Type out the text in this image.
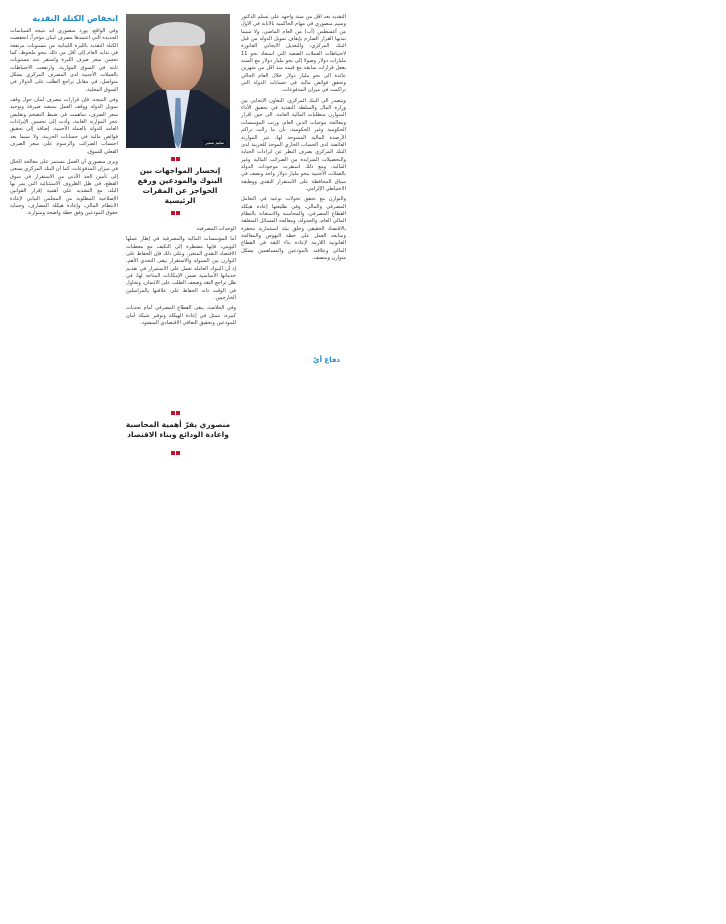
النقدية بعد اقل من سنة واجهة على تسلم الدكتور وسيم منصوري في مهام الحاكمية بالانابة في الاول من آغسطس (آب) من العام الماضي، ولا سيما تبديها القرار الصارم بإيقاف تمويل الدولة من قبل البنك المركزي، والتعديل الايجابي الفاتورة لاحتياطات العملات الصعبة التي استعاد نحو 11 مليارات دولار وصولا إلى نحو مليار دولار مع السنة بفعل قرارات سابقة مع قيمة منذ اقل من شهرين عائدة الى نحو مليار دولار خلال العام الحالي وتحقق فوائض مالية في حسابات الدولة التي تراكمت في ميزان المدفوعات.

ويتصدر الى البنك المركزي، التعاون الايجابي بين وزارة المال والسلطة النقدية في تحقيق الأداء المتوازن متطلبات المالية العامة، الى حين اقرار ومعالجة موجبات الدين العام، ورتب المؤسسات الحكومية وغير الحكومية، بأن ما زالت تراكم الأرصدة المالية الممنوحة لها، عبر الموازنة الفائضة لدى الحساب الجاري الموحد للخزينة لدى البنك المركزي بصرف النظر عن ايرادات الجباية والتحصيلات المتزايدة من الضرائب المالية وغير المالية، ومع ذلك استقرت موجودات الدولة بالعملات الأجنبية بنحو مليار دولار واحد ونصف في سياق المحافظة على الاستقرار النقدي ووظيفة الاحتياطي الإلزامي.

والتوازن مع تحقق تحولات نوعية في التعامل المصرفي والمالي، وفي طليعتها إعادة هيكلة القطاع المصرفي، والمحاسبة والاستعانة بالنظام المالي العام، والجدولة، ومعالجة المسائل المتعلقة بالاقتصاد الحقيقي وخلق بيئة استثمارية محفزة ومتابعة العمل على خطة النهوض والمعالجة القانونية اللازمة لإعادة بناء الثقة في القطاع المالي وعلاقته بالمودعين والمساهمين بشكل متوازن ومنصف.

دفاع أيّ
سليم صفير
إنحسار المواجهات بين البنوك والمودعين ورفع الحواجز عن المقرات الرئيسية

الوحدات المصرفية.

أما المؤسسات المالية والمصرفية في إطار عملها اليومي، فإنها مضطرة إلى التكيف مع معطيات الاقتصاد النقدي المتغير، وعلى ذلك فإن الحفاظ على التوازن بين السيولة والاستقرار يبقى التحدي الأهم، إذ أن البنوك العاملة تعمل على الاستمرار في تقديم خدماتها الأساسية ضمن الإمكانات المتاحة لها، في ظل تراجع الثقة وضعف الطلب على الائتمان، وتحاول في الوقت ذاته الحفاظ على علاقتها بالمراسلين الخارجيين.

وفي الخلاصة، يبقى القطاع المصرفي أمام تحديات كبيرة، تتمثل في إعادة الهيكلة وتوفير شبكة أمان للمودعين وتحقيق التعافي الاقتصادي المنشود.

منصوري يقرّ أهمية المحاسبة واعادة الودائع وبناء الاقتصاد
انخفاض الكتلة النقدية

وفي الواقع، يورد منصوري انه نتيجة السياسات الجديدة التي اعتمدها مصرف لبنان مؤخراً، انخفضت الكتلة النقدية بالليرة اللبنانية من مستويات مرتفعة في بداية العام إلى أقل من ذلك بنحو ملحوظ، كما تحسن سعر صرف الليرة واستقر عند مستويات ثابتة في السوق الموازية، وارتفعت الاحتياطات بالعملات الأجنبية لدى المصرف المركزي بشكل متواصل، في مقابل تراجع الطلب على الدولار في السوق المحلية.

وفي النتيجة، فإن قرارات مصرف لبنان حول وقف تمويل الدولة ووقف العمل بمنصة صيرفة وتوحيد سعر الصرف، ساهمت في ضبط التضخم وتقليص عجز الموازنة العامة، وأدت إلى تحسين الإيرادات العامة للدولة بالعملة الأجنبية، إضافة إلى تحقيق فوائض مالية في حسابات الخزينة، ولا سيما بعد احتساب الضرائب والرسوم على سعر الصرف الفعلي للسوق.

ويرى منصوري أن العمل مستمر على معالجة الخلل في ميزان المدفوعات، كما أن البنك المركزي يسعى إلى تأمين الحد الأدنى من الاستقرار في سوق القطع، في ظل الظروف الاستثنائية التي يمر بها البلد، مع التشديد على أهمية إقرار القوانين الإصلاحية المطلوبة من المجلس النيابي لإعادة الانتظام المالي، وإعادة هيكلة المصارف، وحماية حقوق المودعين وفق خطة واضحة ومتوازنة.
